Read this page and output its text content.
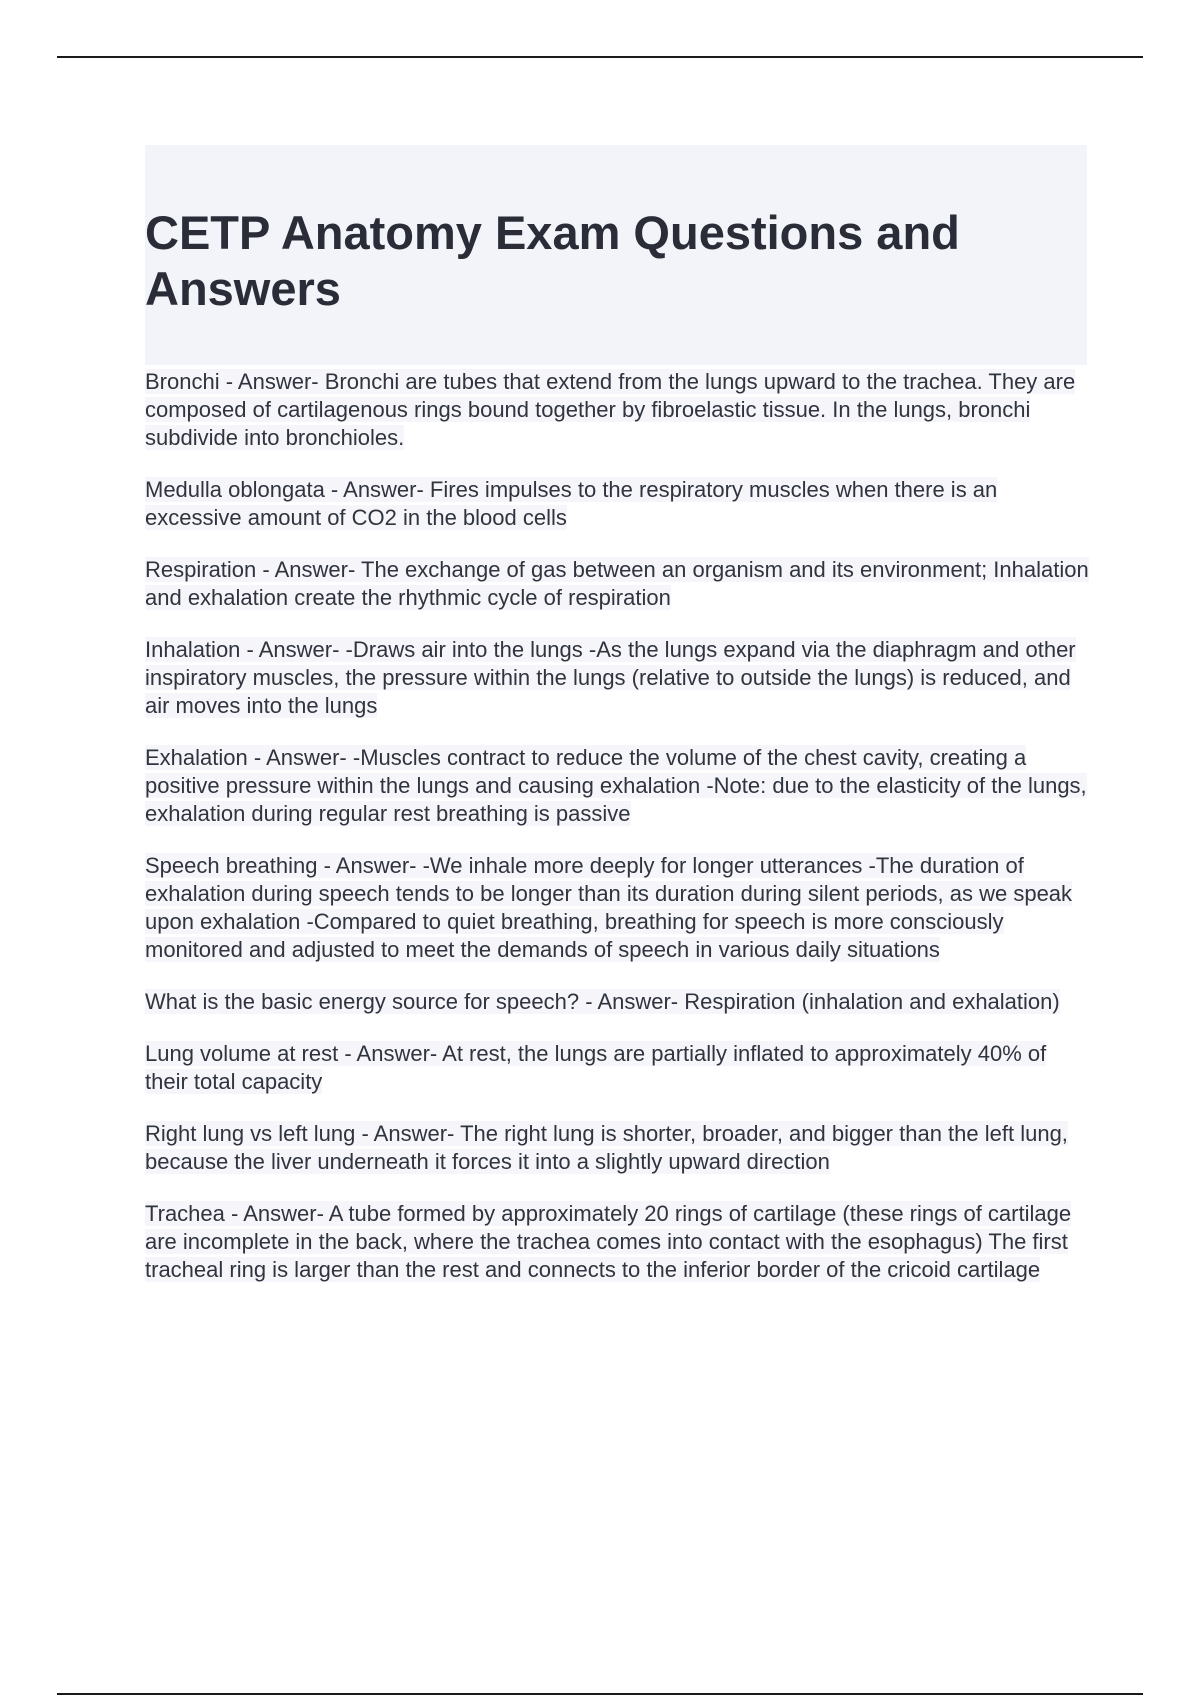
CETP Anatomy Exam Questions and
Answers

Bronchi - Answer- Bronchi are tubes that extend from the lungs upward to the trachea. They are composed of cartilagenous rings bound together by fibroelastic tissue. In the lungs, bronchi subdivide into bronchioles.

Medulla oblongata - Answer- Fires impulses to the respiratory muscles when there is an excessive amount of CO2 in the blood cells

Respiration - Answer- The exchange of gas between an organism and its environment; Inhalation and exhalation create the rhythmic cycle of respiration

Inhalation - Answer- -Draws air into the lungs -As the lungs expand via the diaphragm and other inspiratory muscles, the pressure within the lungs (relative to outside the lungs) is reduced, and air moves into the lungs

Exhalation - Answer- -Muscles contract to reduce the volume of the chest cavity, creating a positive pressure within the lungs and causing exhalation -Note: due to the elasticity of the lungs, exhalation during regular rest breathing is passive

Speech breathing - Answer- -We inhale more deeply for longer utterances -The duration of exhalation during speech tends to be longer than its duration during silent periods, as we speak upon exhalation -Compared to quiet breathing, breathing for speech is more consciously monitored and adjusted to meet the demands of speech in various daily situations

What is the basic energy source for speech? - Answer- Respiration (inhalation and exhalation)

Lung volume at rest - Answer- At rest, the lungs are partially inflated to approximately 40% of their total capacity

Right lung vs left lung - Answer- The right lung is shorter, broader, and bigger than the left lung, because the liver underneath it forces it into a slightly upward direction

Trachea - Answer- A tube formed by approximately 20 rings of cartilage (these rings of cartilage are incomplete in the back, where the trachea comes into contact with the esophagus) The first tracheal ring is larger than the rest and connects to the inferior border of the cricoid cartilage
